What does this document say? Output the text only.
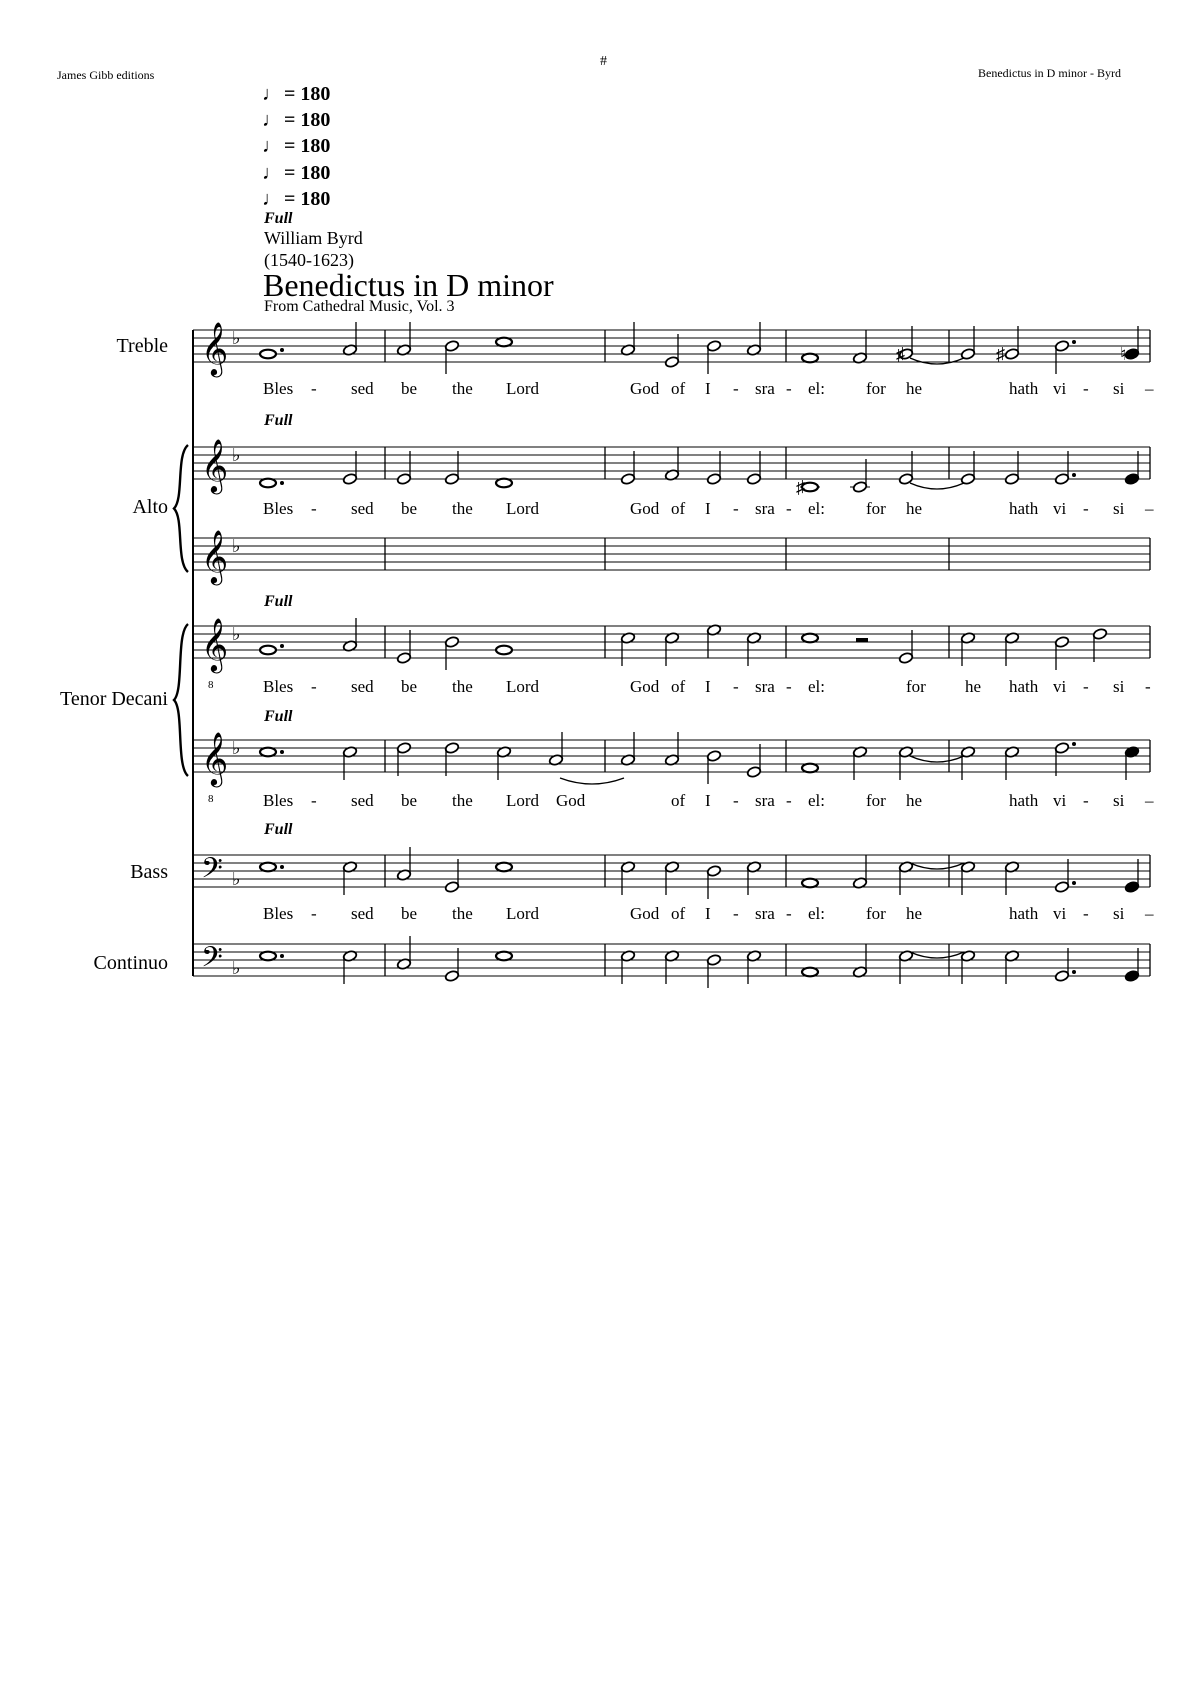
James Gibb editions
#
Benedictus in D minor - Byrd
♩ = 180
♩ = 180
♩ = 180
♩ = 180
♩ = 180
Full
William Byrd
(1540-1623)
Benedictus in D minor
From Cathedral Music, Vol. 3
Treble
Alto
Tenor Decani
Bass
Continuo
Full
Full
Full
Full
Bles - sed be the Lord	God of I - sra - el: for he	hath vi - si –
Bles - sed be the Lord	God of I - sra - el: for he	hath vi - si –
Bles - sed be the Lord	God of I - sra - el:	for he hath vi - si -
Bles - sed be the Lord God	of I - sra - el: for he	hath vi - si –
Bles - sed be the Lord	God of I - sra - el: for he	hath vi - si –
𝄞 ♭
𝄞 ♭
𝄞 ♭
𝄞
8
♭
𝄞
8
♭
𝄢 ♭
𝄢 ♭
♯	♯	♮
♯
